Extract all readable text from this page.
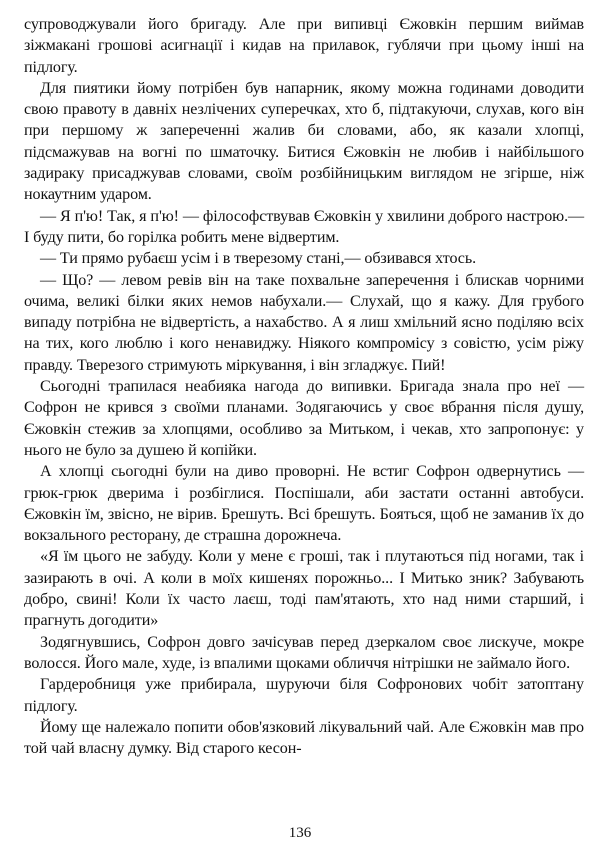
супроводжували його бригаду. Але при випивці Єжовкін першим виймав зіжмакані грошові асигнації і кидав на прилавок, гублячи при цьому інші на підлогу.

Для пиятики йому потрібен був напарник, якому можна годинами доводити свою правоту в давніх незлічених суперечках, хто б, підтакуючи, слухав, кого він при першому ж запереченні жалив би словами, або, як казали хлопці, підсмажував на вогні по шматочку. Битися Єжовкін не любив і найбільшого задираку присаджував словами, своїм розбійницьким виглядом не згірше, ніж нокаутним ударом.

— Я п'ю! Так, я п'ю! — філософствував Єжовкін у хвилини доброго настрою.— І буду пити, бо горілка робить мене відвертим.

— Ти прямо рубаєш усім і в тверезому стані,— обзивався хтось.

— Що? — левом ревів він на таке похвальне заперечення і блискав чорними очима, великі білки яких немов набухали.— Слухай, що я кажу. Для грубого випаду потрібна не відвертість, а нахабство. А я лиш хмільний ясно поділяю всіх на тих, кого люблю і кого ненавиджу. Ніякого компромісу з совістю, усім ріжу правду. Тверезого стримують міркування, і він згладжує. Пий!

Сьогодні трапилася неабияка нагода до випивки. Бригада знала про неї — Софрон не крився з своїми планами. Зодягаючись у своє вбрання після душу, Єжовкін стежив за хлопцями, особливо за Митьком, і чекав, хто запропонує: у нього не було за душею й копійки.

А хлопці сьогодні були на диво проворні. Не встиг Софрон одвернутись — грюк-грюк дверима і розбіглися. Поспішали, аби застати останні автобуси. Єжовкін їм, звісно, не вірив. Брешуть. Всі брешуть. Бояться, щоб не заманив їх до вокзального ресторану, де страшна дорожнеча.

«Я їм цього не забуду. Коли у мене є гроші, так і плутаються під ногами, так і зазирають в очі. А коли в моїх кишенях порожньо... І Митько зник? Забувають добро, свині! Коли їх часто лаєш, тоді пам'ятають, хто над ними старший, і прагнуть догодити»

Зодягнувшись, Софрон довго зачісував перед дзеркалом своє лискуче, мокре волосся. Його мале, худе, із впалими щоками обличчя нітрішки не займало його.

Гардеробниця уже прибирала, шуруючи біля Софронових чобіт затоптану підлогу.

Йому ще належало попити обов'язковий лікувальний чай. Але Єжовкін мав про той чай власну думку. Від старого кесон-

136
